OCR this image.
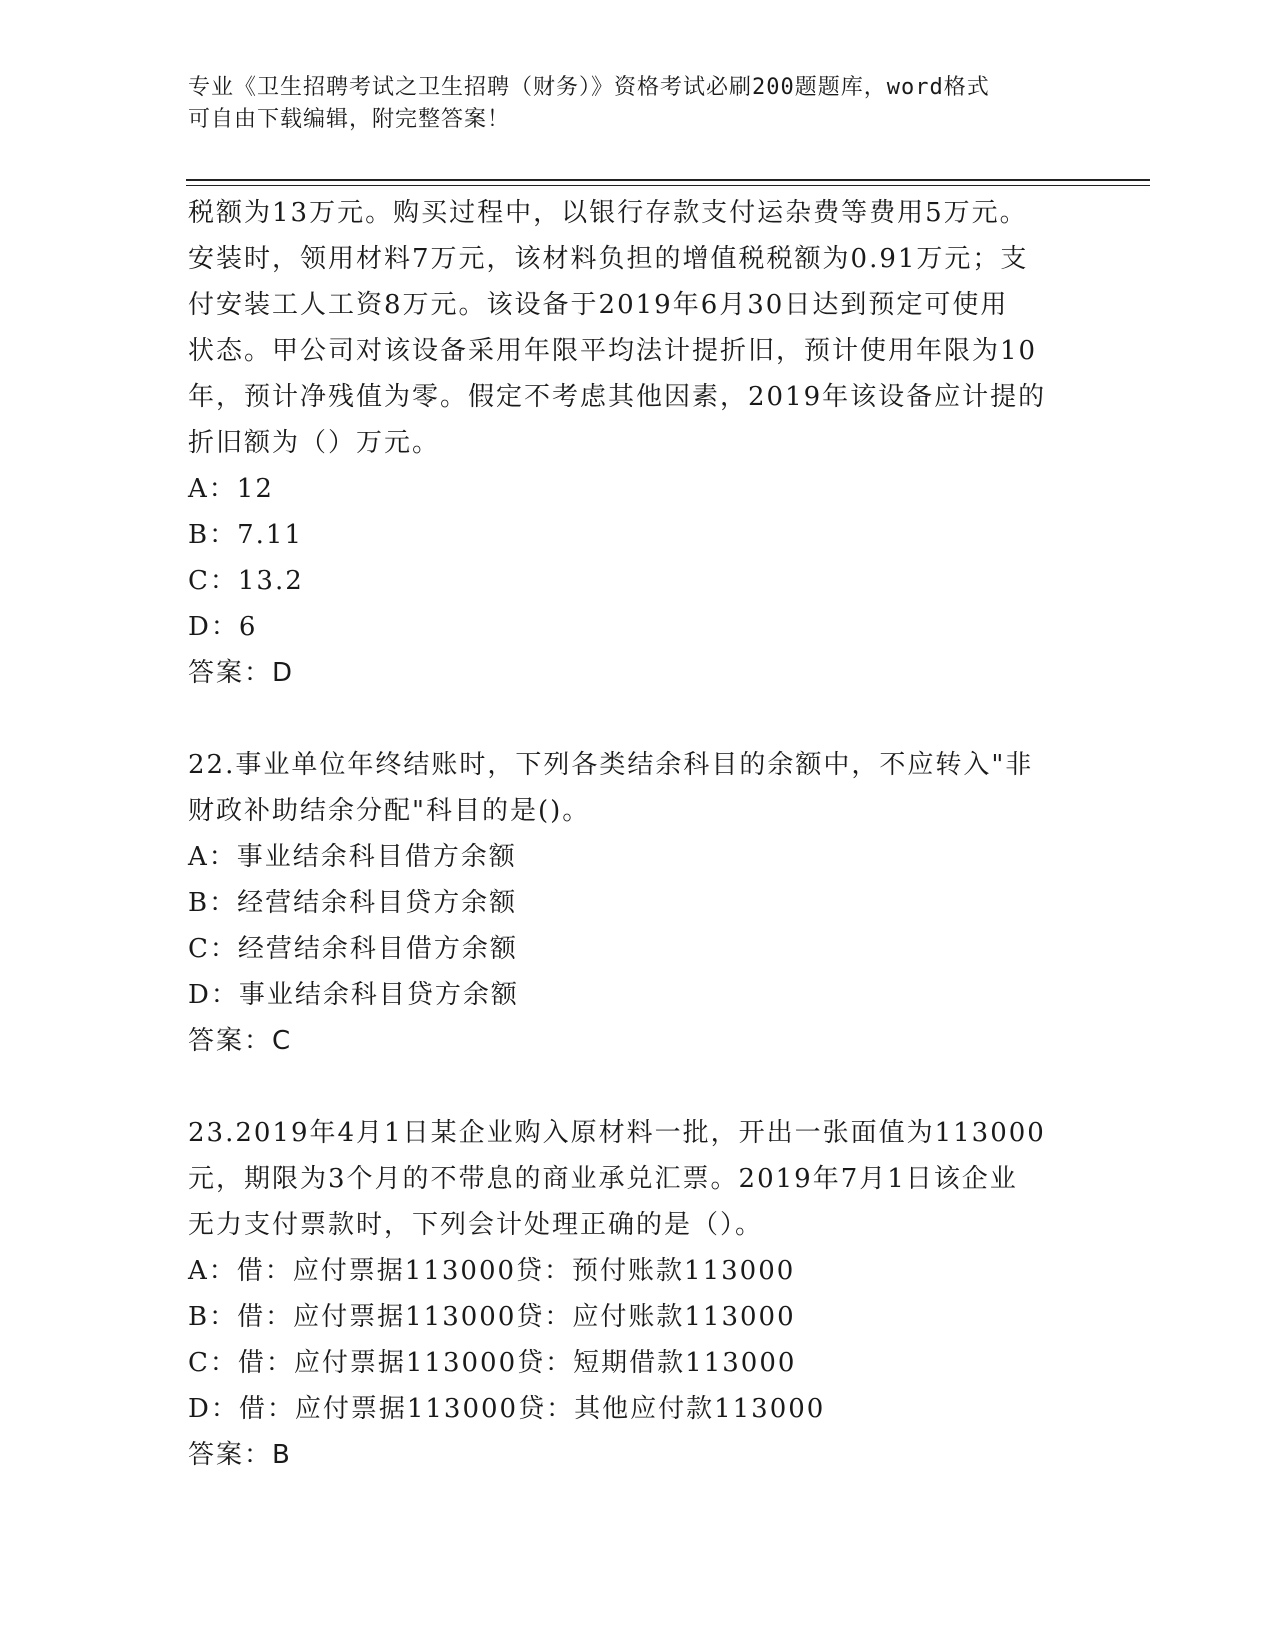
专业《卫生招聘考试之卫生招聘（财务）》资格考试必刷200题题库，word格式
可自由下载编辑，附完整答案！

税额为13万元。购买过程中，以银行存款支付运杂费等费用5万元。

安装时，领用材料7万元，该材料负担的增值税税额为0.91万元；支

付安装工人工资8万元。该设备于2019年6月30日达到预定可使用

状态。甲公司对该设备采用年限平均法计提折旧，预计使用年限为10

年，预计净残值为零。假定不考虑其他因素，2019年该设备应计提的

折旧额为（）万元。

A：12

B：7.11

C：13.2

D：6

答案：D

22.事业单位年终结账时，下列各类结余科目的余额中，不应转入"非

财政补助结余分配"科目的是()。

A：事业结余科目借方余额

B：经营结余科目贷方余额

C：经营结余科目借方余额

D：事业结余科目贷方余额

答案：C

23.2019年4月1日某企业购入原材料一批，开出一张面值为113000

元，期限为3个月的不带息的商业承兑汇票。2019年7月1日该企业

无力支付票款时，下列会计处理正确的是（）。

A：借：应付票据113000贷：预付账款113000

B：借：应付票据113000贷：应付账款113000

C：借：应付票据113000贷：短期借款113000

D：借：应付票据113000贷：其他应付款113000

答案：B
